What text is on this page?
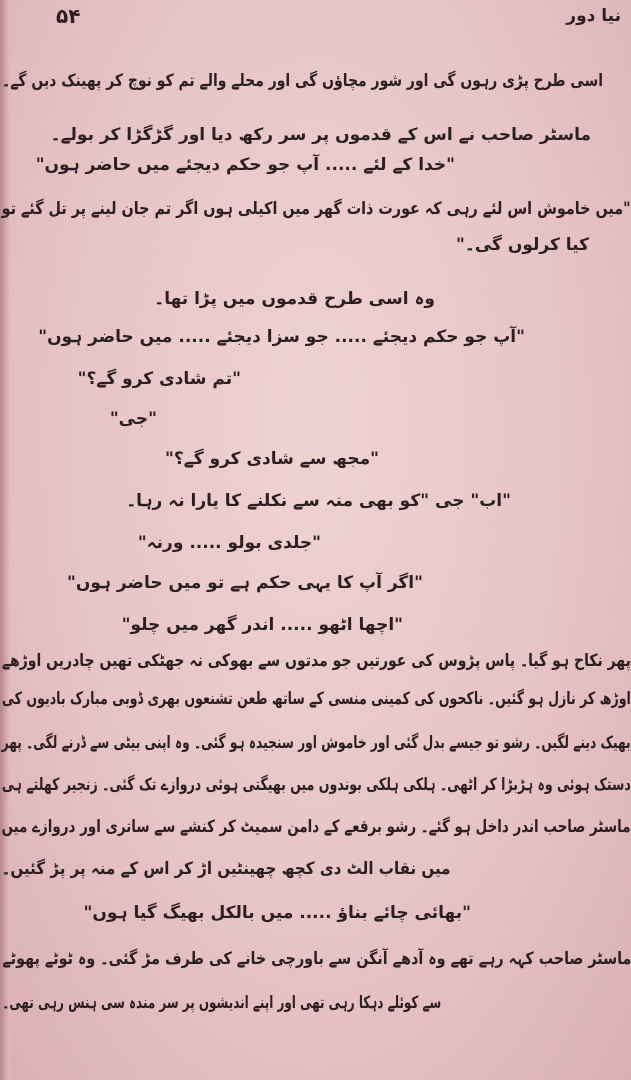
نیا دور
۵۴
اسی طرح پڑی رہوں گی اور شور مچاؤں گی اور محلے والے تم کو نوچ کر پھینک دیں گے۔
ماسٹر صاحب نے اس کے قدموں پر سر رکھ دیا اور گڑگڑا کر بولے۔
"خدا کے لئے ..... آپ جو حکم دیجئے میں حاضر ہوں"
"میں خاموش اس لئے رہی کہ عورت ذات گھر میں اکیلی ہوں اگر تم جان لینے پر تل گئے تو
کیا کرلوں گی۔"
وہ اسی طرح قدموں میں پڑا تھا۔
"آپ جو حکم دیجئے ..... جو سزا دیجئے ..... میں حاضر ہوں"
"تم شادی کرو گے؟"
"جی"
"مجھ سے شادی کرو گے؟"
"اب" جی "کو بھی منہ سے نکلنے کا یارا نہ رہا۔
"جلدی بولو ..... ورنہ"
"اگر آپ کا یہی حکم ہے تو میں حاضر ہوں"
"اچھا اٹھو ..... اندر گھر میں چلو"
پھر نکاح ہو گیا۔ پاس پڑوس کی عورتیں جو مدتوں سے بھوکی نہ جھٹکی تھیں چادریں اوڑھے
اوڑھ کر نازل ہو گئیں۔ ناکحوں کی کمینی منسی کے ساتھ طعن تشنعوں بھری ڈوبی مبارک بادیوں کی
بھیک دینے لگیں۔ رشو تو جیسے بدل گئی اور خاموش اور سنجیدہ ہو گئی۔ وہ اپنی بیٹی سے ڈرنے لگی۔ پھر
دستک ہوئی وہ ہڑبڑا کر اٹھی۔ ہلکی ہلکی بوندوں میں بھیگتی ہوئی دروازے تک گئی۔ زنجیر کھلتے ہی
ماسٹر صاحب اندر داخل ہو گئے۔ رشو برقعے کے دامن سمیٹ کر کنشے سے ساتری اور دروازے میں
میں نقاب الٹ دی کچھ چھینٹیں اڑ کر اس کے منہ پر پڑ گئیں۔
"بھائی چائے بناؤ ..... میں بالکل بھیگ گیا ہوں"
ماسٹر صاحب کہہ رہے تھے وہ آدھے آنگن سے باورچی خانے کی طرف مڑ گئی۔ وہ ٹوٹے پھوٹے
سے کوئلے دہکا رہی تھی اور اپنے اندیشوں پر سر مندہ سی ہنس رہی تھی۔
